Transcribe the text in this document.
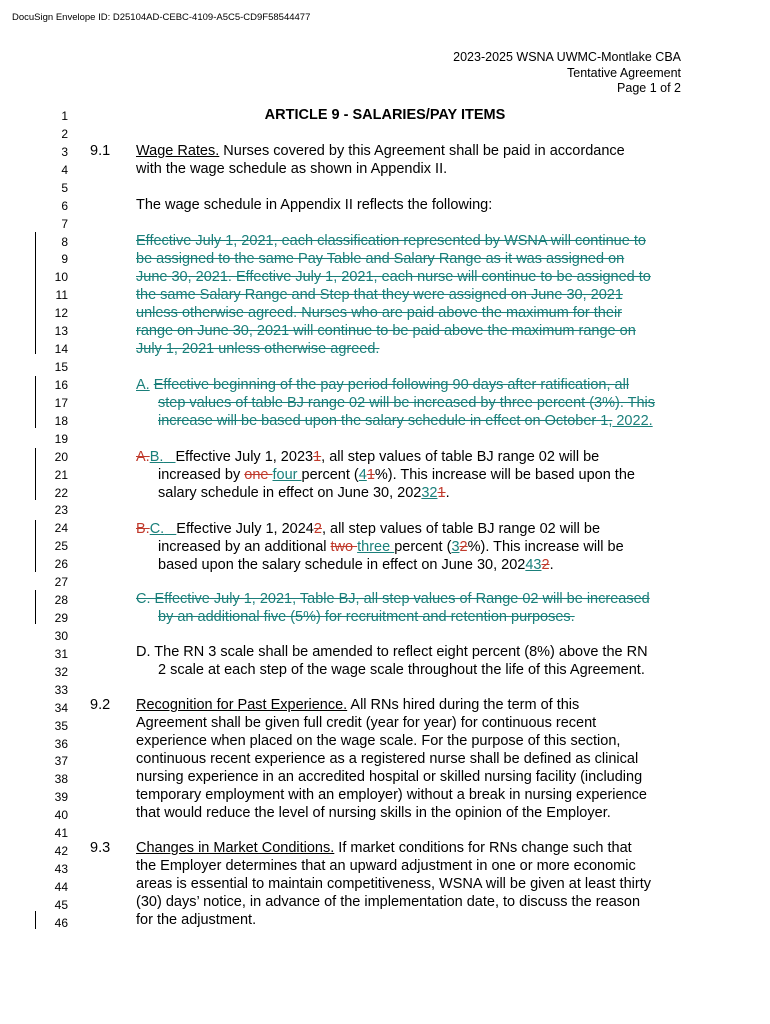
DocuSign Envelope ID: D25104AD-CEBC-4109-A5C5-CD9F58544477
2023-2025 WSNA UWMC-Montlake CBA
Tentative Agreement
Page 1 of 2
ARTICLE 9 - SALARIES/PAY ITEMS
1
2
3
4
5
6
7
8
9
10
11
12
13
14
15
16
17
18
19
20
21
22
23
24
25
26
27
28
29
30
31
32
33
34
35
36
37
38
39
40
41
42
43
44
45
46
9.1 Wage Rates. Nurses covered by this Agreement shall be paid in accordance
with the wage schedule as shown in Appendix II.
The wage schedule in Appendix II reflects the following:
Effective July 1, 2021, each classification represented by WSNA will continue to
be assigned to the same Pay Table and Salary Range as it was assigned on
June 30, 2021. Effective July 1, 2021, each nurse will continue to be assigned to
the same Salary Range and Step that they were assigned on June 30, 2021
unless otherwise agreed. Nurses who are paid above the maximum for their
range on June 30, 2021 will continue to be paid above the maximum range on
July 1, 2021 unless otherwise agreed.
A. Effective beginning of the pay period following 90 days after ratification, all
step values of table BJ range 02 will be increased by three percent (3%). This
increase will be based upon the salary schedule in effect on October 1, 2022.
A.B. Effective July 1, 20231, all step values of table BJ range 02 will be
increased by one four percent (41%). This increase will be based upon the
salary schedule in effect on June 30, 202321.
B.C. Effective July 1, 20242, all step values of table BJ range 02 will be
increased by an additional two three percent (32%). This increase will be
based upon the salary schedule in effect on June 30, 202432.
C. Effective July 1, 2021, Table BJ, all step values of Range 02 will be increased
by an additional five (5%) for recruitment and retention purposes.
D. The RN 3 scale shall be amended to reflect eight percent (8%) above the RN
2 scale at each step of the wage scale throughout the life of this Agreement.
9.2 Recognition for Past Experience. All RNs hired during the term of this
Agreement shall be given full credit (year for year) for continuous recent
experience when placed on the wage scale. For the purpose of this section,
continuous recent experience as a registered nurse shall be defined as clinical
nursing experience in an accredited hospital or skilled nursing facility (including
temporary employment with an employer) without a break in nursing experience
that would reduce the level of nursing skills in the opinion of the Employer.
9.3 Changes in Market Conditions. If market conditions for RNs change such that
the Employer determines that an upward adjustment in one or more economic
areas is essential to maintain competitiveness, WSNA will be given at least thirty
(30) days’ notice, in advance of the implementation date, to discuss the reason
for the adjustment.
